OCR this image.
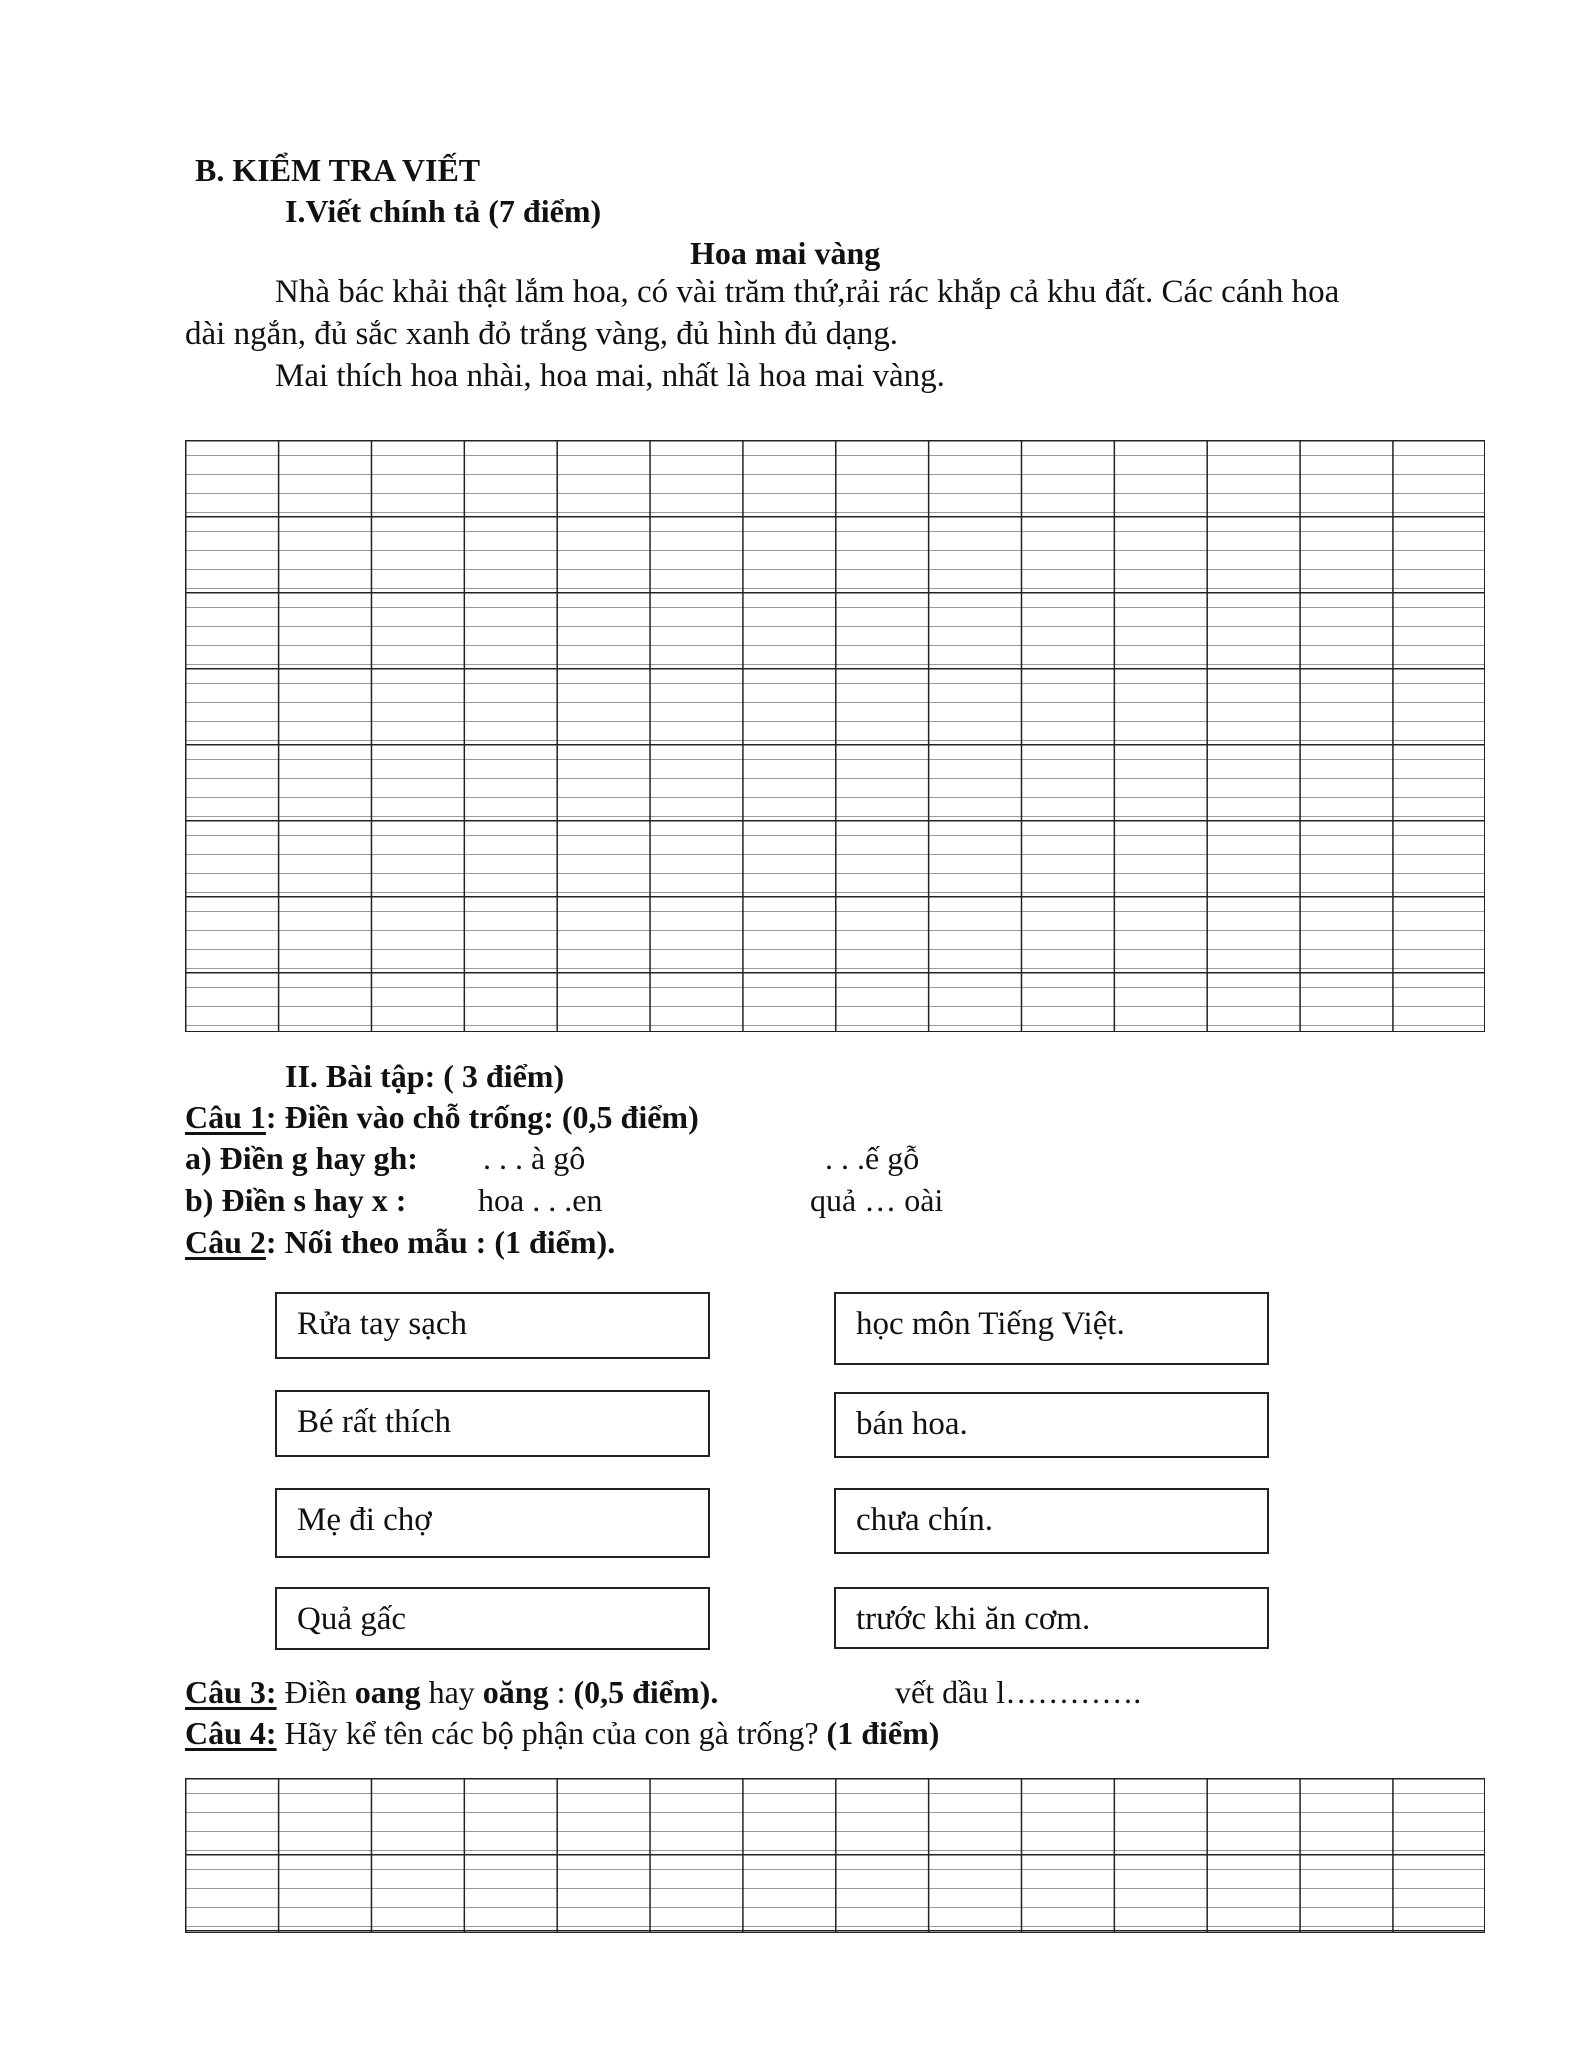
B. KIỂM TRA VIẾT
I.Viết chính tả (7 điểm)
Hoa mai vàng
Nhà bác khải thật lắm hoa, có vài trăm thứ,rải rác khắp cả khu đất. Các cánh hoa
dài ngắn, đủ sắc xanh đỏ trắng vàng, đủ hình đủ dạng.
Mai thích hoa nhài, hoa mai, nhất là hoa mai vàng.
II. Bài tập: ( 3 điểm)
Câu 1: Điền vào chỗ trống: (0,5 điểm)
a) Điền g hay gh: . . . à gô	. . .ế gỗ
b) Điền s hay x : hoa . . .en	quả … oài
Câu 2: Nối theo mẫu : (1 điểm).
Rửa tay sạch
Bé rất thích
Mẹ đi chợ
Quả gấc
học môn Tiếng Việt.
bán hoa.
chưa chín.
trước khi ăn cơm.
Câu 3: Điền oang hay oăng : (0,5 điểm).	vết dầu l………….
Câu 4: Hãy kể tên các bộ phận của con gà trống? (1 điểm)
